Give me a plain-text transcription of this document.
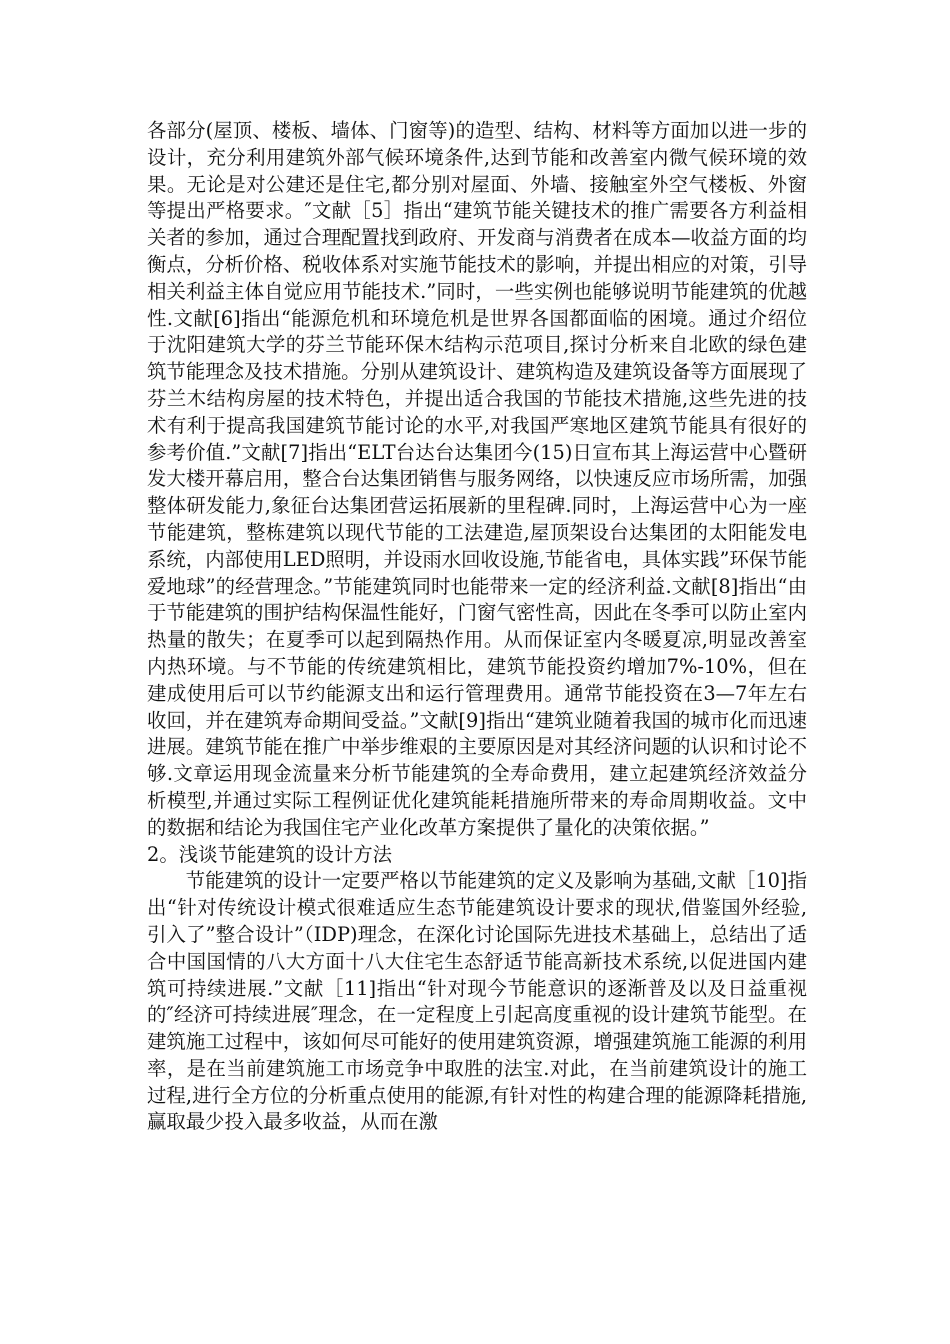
各部分(屋顶、楼板、墙体、门窗等)的造型、结构、材料等方面加以进一步的设计，充分利用建筑外部气候环境条件,达到节能和改善室内微气候环境的效果。无论是对公建还是住宅,都分别对屋面、外墙、接触室外空气楼板、外窗等提出严格要求。″文献［5］指出“建筑节能关键技术的推广需要各方利益相关者的参加，通过合理配置找到政府、开发商与消费者在成本—收益方面的均衡点，分析价格、税收体系对实施节能技术的影响，并提出相应的对策，引导相关利益主体自觉应用节能技术.”同时，一些实例也能够说明节能建筑的优越性.文献[6]指出“能源危机和环境危机是世界各国都面临的困境。通过介绍位于沈阳建筑大学的芬兰节能环保木结构示范项目,探讨分析来自北欧的绿色建筑节能理念及技术措施。分别从建筑设计、建筑构造及建筑设备等方面展现了芬兰木结构房屋的技术特色，并提出适合我国的节能技术措施,这些先进的技术有利于提高我国建筑节能讨论的水平,对我国严寒地区建筑节能具有很好的参考价值.”文献[7]指出“ELT台达台达集团今(15)日宣布其上海运营中心暨研发大楼开幕启用，整合台达集团销售与服务网络，以快速反应市场所需，加强整体研发能力,象征台达集团营运拓展新的里程碑.同时，上海运营中心为一座节能建筑，整栋建筑以现代节能的工法建造,屋顶架设台达集团的太阳能发电系统，内部使用LED照明，并设雨水回收设施,节能省电，具体实践”环保节能爱地球”的经营理念。”节能建筑同时也能带来一定的经济利益.文献[8]指出“由于节能建筑的围护结构保温性能好，门窗气密性高，因此在冬季可以防止室内热量的散失；在夏季可以起到隔热作用。从而保证室内冬暖夏凉,明显改善室内热环境。与不节能的传统建筑相比，建筑节能投资约增加7%-10%，但在建成使用后可以节约能源支出和运行管理费用。通常节能投资在3—7年左右收回，并在建筑寿命期间受益。”文献[9]指出“建筑业随着我国的城市化而迅速进展。建筑节能在推广中举步维艰的主要原因是对其经济问题的认识和讨论不够.文章运用现金流量来分析节能建筑的全寿命费用，建立起建筑经济效益分析模型,并通过实际工程例证优化建筑能耗措施所带来的寿命周期收益。文中的数据和结论为我国住宅产业化改革方案提供了量化的决策依据。”

2。浅谈节能建筑的设计方法

节能建筑的设计一定要严格以节能建筑的定义及影响为基础,文献［10]指出“针对传统设计模式很难适应生态节能建筑设计要求的现状,借鉴国外经验,引入了”整合设计”（IDP)理念，在深化讨论国际先进技术基础上，总结出了适合中国国情的八大方面十八大住宅生态舒适节能高新技术系统,以促进国内建筑可持续进展.”文献［11]指出“针对现今节能意识的逐渐普及以及日益重视的″经济可持续进展″理念，在一定程度上引起高度重视的设计建筑节能型。在建筑施工过程中，该如何尽可能好的使用建筑资源，增强建筑施工能源的利用率，是在当前建筑施工市场竞争中取胜的法宝.对此，在当前建筑设计的施工过程,进行全方位的分析重点使用的能源,有针对性的构建合理的能源降耗措施,赢取最少投入最多收益，从而在激
